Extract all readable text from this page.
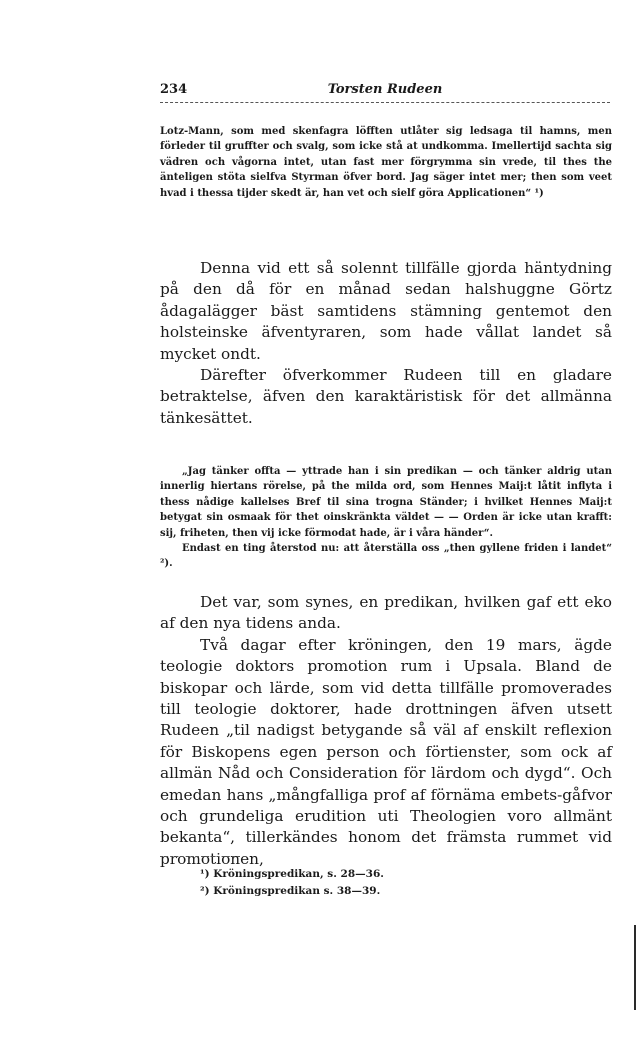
234	Torsten Rudeen

Lotz-Mann, som med skenfagra löfften utlåter sig ledsaga til hamns, men förleder til gruffter och svalg, som icke stå at undkomma. Imellertijd sachta sig vädren och vågorna intet, utan fast mer förgrymma sin vrede, til thes the änteligen stöta sielfva Styrman öfver bord. Jag säger intet mer; then som veet hvad i thessa tijder skedt är, han vet och sielf göra Applicationen“ ¹)

Denna vid ett så solennt tillfälle gjorda häntydning på den då för en månad sedan halshuggne Görtz ådagalägger bäst samtidens stämning gentemot den holsteinske äfventyraren, som hade vållat landet så mycket ondt.

Därefter öfverkommer Rudeen till en gladare betraktelse, äfven den karaktäristisk för det allmänna tänkesättet.

„Jag tänker offta — yttrade han i sin predikan — och tänker aldrig utan innerlig hiertans rörelse, på the milda ord, som Hennes Maij:t låtit inflyta i thess nådige kallelses Bref til sina trogna Ständer; i hvilket Hennes Maij:t betygat sin osmaak för thet oinskränkta väldet — — Orden är icke utan krafft: sij, friheten, then vij icke förmodat hade, är i våra händer“.

Endast en ting återstod nu: att återställa oss „then gyllene friden i landet“ ²).

Det var, som synes, en predikan, hvilken gaf ett eko af den nya tidens anda.

Två dagar efter kröningen, den 19 mars, ägde teologie doktors promotion rum i Upsala. Bland de biskopar och lärde, som vid detta tillfälle promoverades till teologie doktorer, hade drottningen äfven utsett Rudeen „til nadigst betygande så väl af enskilt reflexion för Biskopens egen person och förtienster, som ock af allmän Nåd och Consideration för lärdom och dygd“. Och emedan hans „mångfalliga prof af förnäma embets-gåfvor och grundeliga erudition uti Theologien voro allmänt bekanta“, tillerkändes honom det främsta rummet vid promotionen,

¹) Kröningspredikan, s. 28—36.
²) Kröningspredikan s. 38—39.
